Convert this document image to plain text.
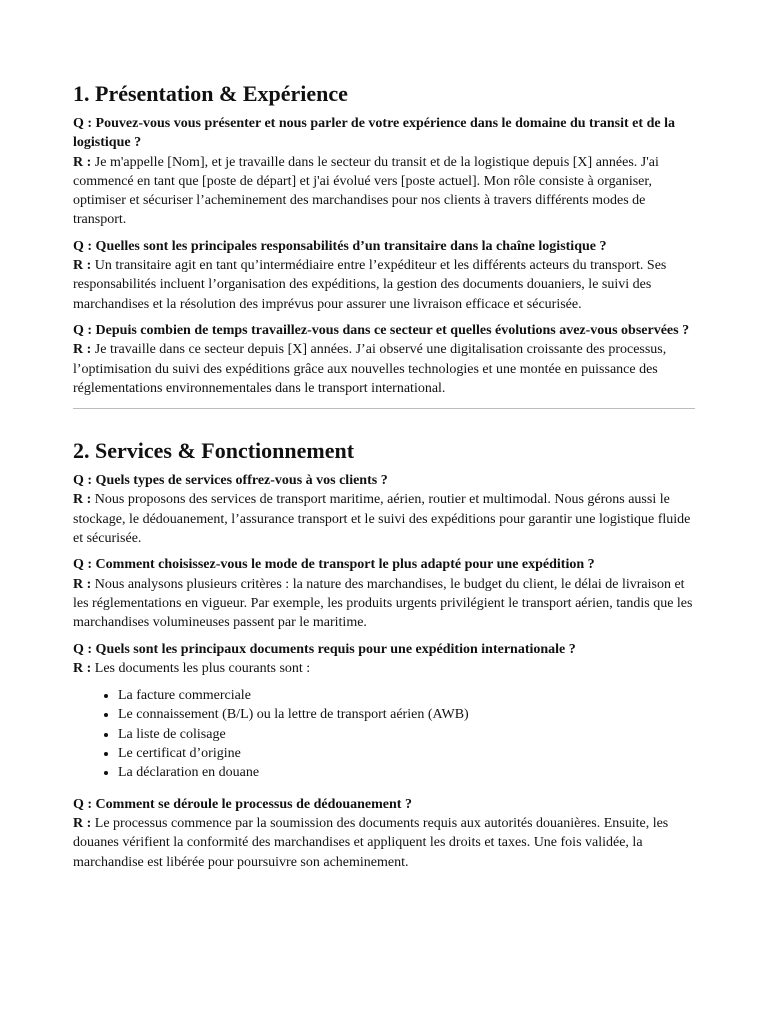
1. Présentation & Expérience
Q : Pouvez-vous vous présenter et nous parler de votre expérience dans le domaine du transit et de la logistique ?
R : Je m'appelle [Nom], et je travaille dans le secteur du transit et de la logistique depuis [X] années. J'ai commencé en tant que [poste de départ] et j'ai évolué vers [poste actuel]. Mon rôle consiste à organiser, optimiser et sécuriser l’acheminement des marchandises pour nos clients à travers différents modes de transport.
Q : Quelles sont les principales responsabilités d’un transitaire dans la chaîne logistique ?
R : Un transitaire agit en tant qu’intermédiaire entre l’expéditeur et les différents acteurs du transport. Ses responsabilités incluent l’organisation des expéditions, la gestion des documents douaniers, le suivi des marchandises et la résolution des imprévus pour assurer une livraison efficace et sécurisée.
Q : Depuis combien de temps travaillez-vous dans ce secteur et quelles évolutions avez-vous observées ?
R : Je travaille dans ce secteur depuis [X] années. J’ai observé une digitalisation croissante des processus, l’optimisation du suivi des expéditions grâce aux nouvelles technologies et une montée en puissance des réglementations environnementales dans le transport international.
2. Services & Fonctionnement
Q : Quels types de services offrez-vous à vos clients ?
R : Nous proposons des services de transport maritime, aérien, routier et multimodal. Nous gérons aussi le stockage, le dédouanement, l’assurance transport et le suivi des expéditions pour garantir une logistique fluide et sécurisée.
Q : Comment choisissez-vous le mode de transport le plus adapté pour une expédition ?
R : Nous analysons plusieurs critères : la nature des marchandises, le budget du client, le délai de livraison et les réglementations en vigueur. Par exemple, les produits urgents privilégient le transport aérien, tandis que les marchandises volumineuses passent par le maritime.
Q : Quels sont les principaux documents requis pour une expédition internationale ?
R : Les documents les plus courants sont :
• La facture commerciale
• Le connaissement (B/L) ou la lettre de transport aérien (AWB)
• La liste de colisage
• Le certificat d’origine
• La déclaration en douane
Q : Comment se déroule le processus de dédouanement ?
R : Le processus commence par la soumission des documents requis aux autorités douanières. Ensuite, les douanes vérifient la conformité des marchandises et appliquent les droits et taxes. Une fois validée, la marchandise est libérée pour poursuivre son acheminement.
